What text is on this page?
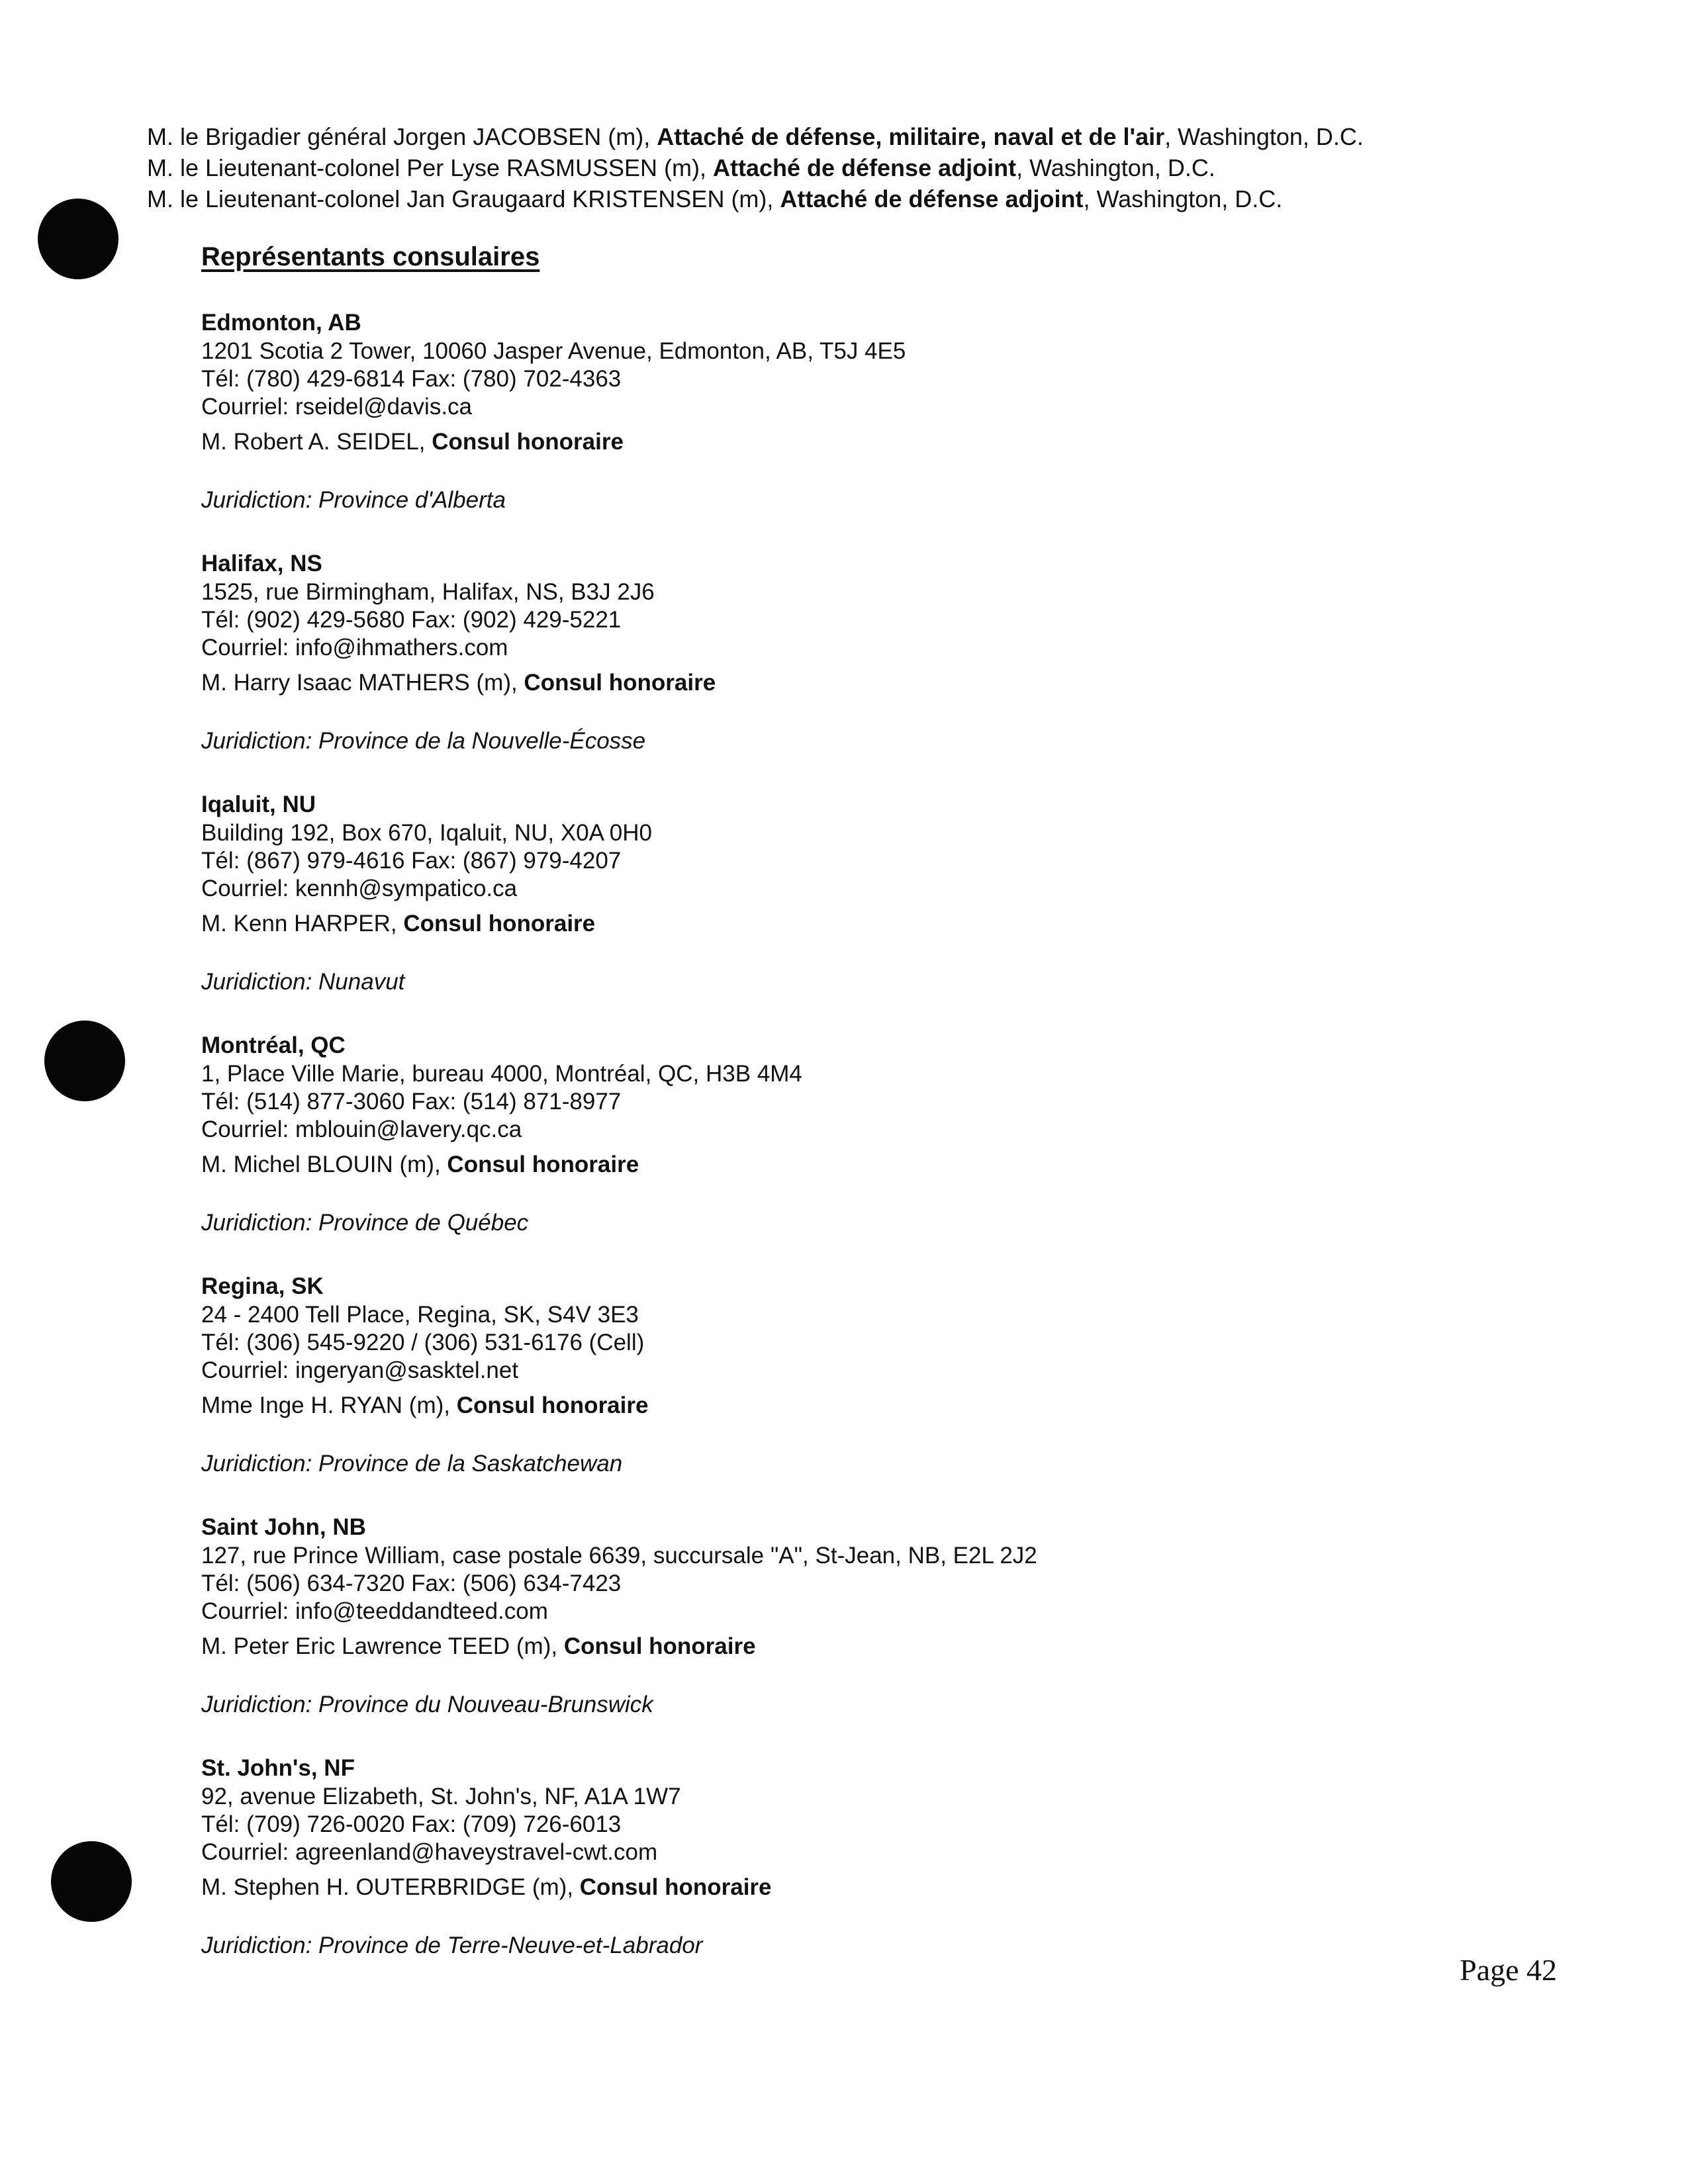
M. le Brigadier général Jorgen JACOBSEN (m), Attaché de défense, militaire, naval et de l'air, Washington, D.C.
M. le Lieutenant-colonel Per Lyse RASMUSSEN (m), Attaché de défense adjoint, Washington, D.C.
M. le Lieutenant-colonel Jan Graugaard KRISTENSEN (m), Attaché de défense adjoint, Washington, D.C.
Représentants consulaires
Edmonton, AB
1201 Scotia 2 Tower, 10060 Jasper Avenue, Edmonton, AB, T5J 4E5
Tél: (780) 429-6814 Fax: (780) 702-4363
Courriel: rseidel@davis.ca
M. Robert A. SEIDEL, Consul honoraire
Juridiction: Province d'Alberta
Halifax, NS
1525, rue Birmingham, Halifax, NS, B3J 2J6
Tél: (902) 429-5680 Fax: (902) 429-5221
Courriel: info@ihmathers.com
M. Harry Isaac MATHERS (m), Consul honoraire
Juridiction: Province de la Nouvelle-Écosse
Iqaluit, NU
Building 192, Box 670, Iqaluit, NU, X0A 0H0
Tél: (867) 979-4616 Fax: (867) 979-4207
Courriel: kennh@sympatico.ca
M. Kenn HARPER, Consul honoraire
Juridiction: Nunavut
Montréal, QC
1, Place Ville Marie, bureau 4000, Montréal, QC, H3B 4M4
Tél: (514) 877-3060 Fax: (514) 871-8977
Courriel: mblouin@lavery.qc.ca
M. Michel BLOUIN (m), Consul honoraire
Juridiction: Province de Québec
Regina, SK
24 - 2400 Tell Place, Regina, SK, S4V 3E3
Tél: (306) 545-9220 / (306) 531-6176 (Cell)
Courriel: ingeryan@sasktel.net
Mme Inge H. RYAN (m), Consul honoraire
Juridiction: Province de la Saskatchewan
Saint John, NB
127, rue Prince William, case postale 6639, succursale "A", St-Jean, NB, E2L 2J2
Tél: (506) 634-7320 Fax: (506) 634-7423
Courriel: info@teeddandteed.com
M. Peter Eric Lawrence TEED (m), Consul honoraire
Juridiction: Province du Nouveau-Brunswick
St. John's, NF
92, avenue Elizabeth, St. John's, NF, A1A 1W7
Tél: (709) 726-0020 Fax: (709) 726-6013
Courriel: agreenland@haveystravel-cwt.com
M. Stephen H. OUTERBRIDGE (m), Consul honoraire
Juridiction: Province de Terre-Neuve-et-Labrador
Page 42
